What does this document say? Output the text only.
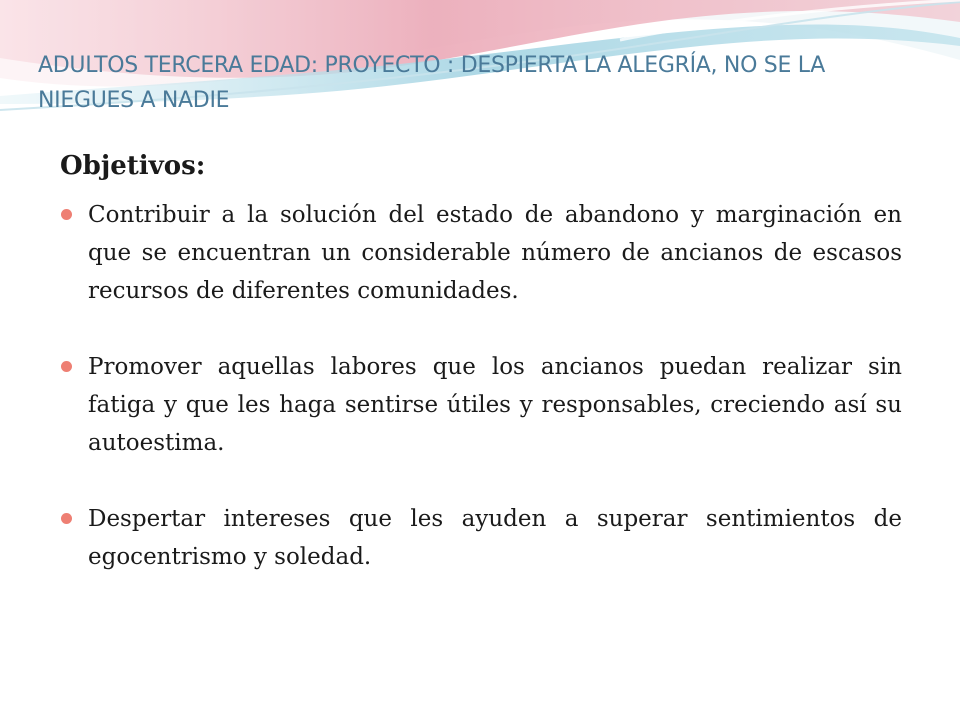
ADULTOS TERCERA EDAD: PROYECTO : DESPIERTA LA ALEGRÍA, NO SE LA NIEGUES A NADIE
Objetivos:
Contribuir a la solución del estado de abandono y marginación en que se encuentran un considerable número de ancianos de escasos recursos de diferentes comunidades.
Promover aquellas labores que los ancianos puedan realizar sin fatiga y que les haga sentirse útiles y responsables, creciendo así su autoestima.
Despertar intereses que les ayuden a superar sentimientos de egocentrismo y soledad.
